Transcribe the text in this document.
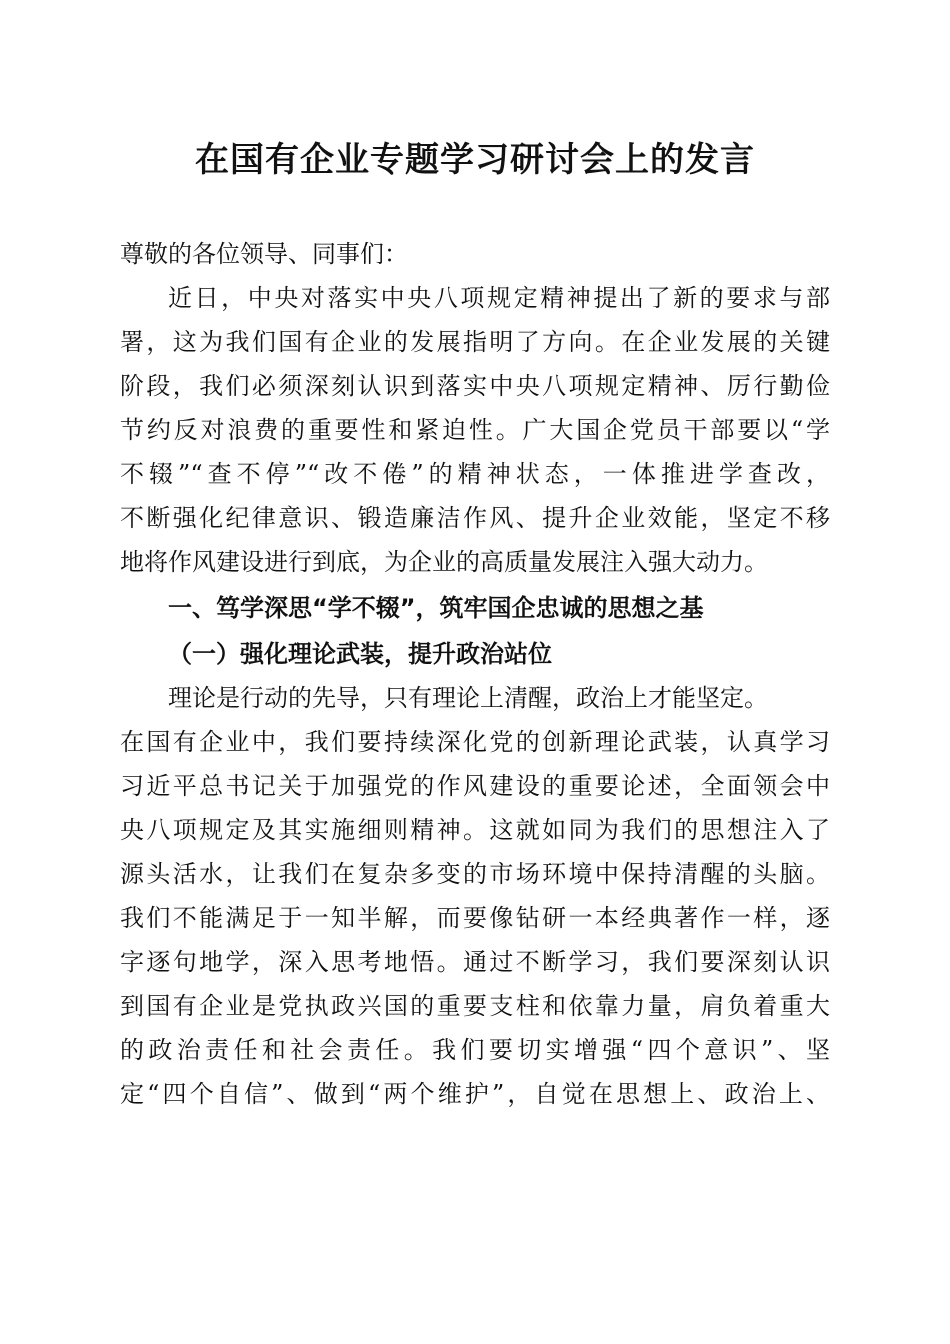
在国有企业专题学习研讨会上的发言
尊敬的各位领导、同事们：
近日，中央对落实中央八项规定精神提出了新的要求与部
署，这为我们国有企业的发展指明了方向。在企业发展的关键
阶段，我们必须深刻认识到落实中央八项规定精神、厉行勤俭
节约反对浪费的重要性和紧迫性。广大国企党员干部要以“学
不辍”“查不停”“改不倦”的精神状态，一体推进学查改，
不断强化纪律意识、锻造廉洁作风、提升企业效能，坚定不移
地将作风建设进行到底，为企业的高质量发展注入强大动力。
一、笃学深思“学不辍”，筑牢国企忠诚的思想之基
（一）强化理论武装，提升政治站位
理论是行动的先导，只有理论上清醒，政治上才能坚定。
在国有企业中，我们要持续深化党的创新理论武装，认真学习
习近平总书记关于加强党的作风建设的重要论述，全面领会中
央八项规定及其实施细则精神。这就如同为我们的思想注入了
源头活水，让我们在复杂多变的市场环境中保持清醒的头脑。
我们不能满足于一知半解，而要像钻研一本经典著作一样，逐
字逐句地学，深入思考地悟。通过不断学习，我们要深刻认识
到国有企业是党执政兴国的重要支柱和依靠力量，肩负着重大
的政治责任和社会责任。我们要切实增强“四个意识”、坚
定“四个自信”、做到“两个维护”，自觉在思想上、政治上、
